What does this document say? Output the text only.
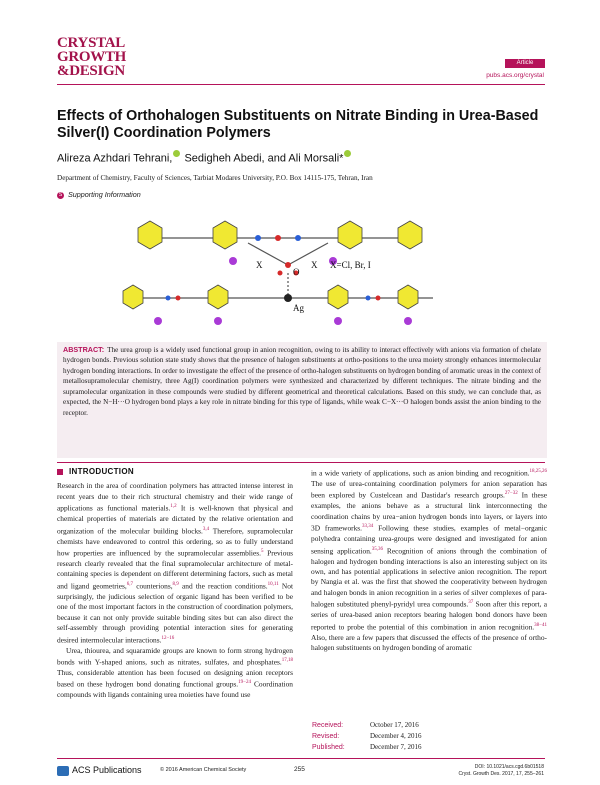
CRYSTAL
GROWTH
&DESIGN	Article
pubs.acs.org/crystal
Effects of Orthohalogen Substituents on Nitrate Binding in Urea-Based Silver(I) Coordination Polymers
Alireza Azhdari Tehrani, Sedigheh Abedi, and Ali Morsali*
Department of Chemistry, Faculty of Sciences, Tarbiat Modares University, P.O. Box 14115-175, Tehran, Iran
S Supporting Information
X
O
X X=Cl, Br, I
Ag
ABSTRACT: The urea group is a widely used functional group in anion recognition, owing to its ability to interact effectively with anions via formation of chelate hydrogen bonds. Previous solution state study shows that the presence of halogen substituents at ortho-positions to the urea moiety strongly enhances intermolecular hydrogen bonding interactions. In order to investigate the effect of the presence of ortho-halogen substituents on hydrogen bonding of aromatic ureas in the context of metallosupramolecular chemistry, three Ag(I) coordination polymers were synthesized and characterized by different techniques. The nitrate binding and the supramolecular organization in these compounds were studied by different geometrical and theoretical calculations. Based on this study, we can conclude that, as expected, the N−H···O hydrogen bond plays a key role in nitrate binding for this type of ligands, while weak C−X···O halogen bonds assist the anion binding to the receptor.
INTRODUCTION

Research in the area of coordination polymers has attracted intense interest in recent years due to their rich structural chemistry and their wide range of applications as functional materials.$^{1,2}$ It is well-known that physical and chemical properties of materials are dictated by the relative orientation and organization of the molecular building blocks.$^{3,4}$ Therefore, supramolecular chemists have endeavored to control this ordering, so as to fully understand how properties are influenced by the supramolecular assemblies.$^5$ Previous research clearly revealed that the final supramolecular architecture of metal-containing species is dependent on different determining factors, such as metal and ligand geometries,$^{6,7}$ counterions,$^{8,9}$ and the reaction conditions.$^{10,11}$ Not surprisingly, the judicious selection of organic ligand has been verified to be one of the most important factors in the construction of coordination polymers, because it can not only provide suitable binding sites but can also direct the self-assembly through providing potential interaction sites for generating desired intermolecular interactions.$^{12-16}$

Urea, thiourea, and squaramide groups are known to form strong hydrogen bonds with Y-shaped anions, such as nitrates, sulfates, and phosphates.$^{17,18}$ Thus, considerable attention has been focused on designing anion receptors based on these hydrogen bond donating functional groups.$^{19-24}$ Coordination compounds with ligands containing urea moieties have found use

in a wide variety of applications, such as anion binding and recognition.$^{18,25,26}$ The use of urea-containing coordination polymers for anion separation has been explored by Custelcean and Dastidar's research groups.$^{27-32}$ In these examples, the anions behave as a structural link interconnecting the coordination chains by urea−anion hydrogen bonds into layers, or layers into 3D frameworks.$^{33,34}$ Following these studies, examples of metal−organic polyhedra containing urea-groups were designed and investigated for anion sensing application.$^{35,36}$ Recognition of anions through the combination of halogen and hydrogen bonding interactions is also an interesting subject on its own, and has potential applications in selective anion recognition. The report by Nangia et al. was the first that showed the cooperativity between hydrogen and halogen bonds in anion recognition in a series of silver complexes of para-halogen substituted phenyl-pyridyl urea compounds.$^{37}$ Soon after this report, a series of urea-based anion receptors bearing halogen bond donors have been reported to probe the potential of this combination in anion recognition.$^{38-41}$ Also, there are a few papers that discussed the effects of the presence of ortho-halogen substituents on hydrogen bonding of aromatic

Received:	October 17, 2016
Revised:	December 4, 2016
Published:	December 7, 2016
ACS Publications	© 2016 American Chemical Society	255	DOI: 10.1021/acs.cgd.6b01518
Cryst. Growth Des. 2017, 17, 255−261
